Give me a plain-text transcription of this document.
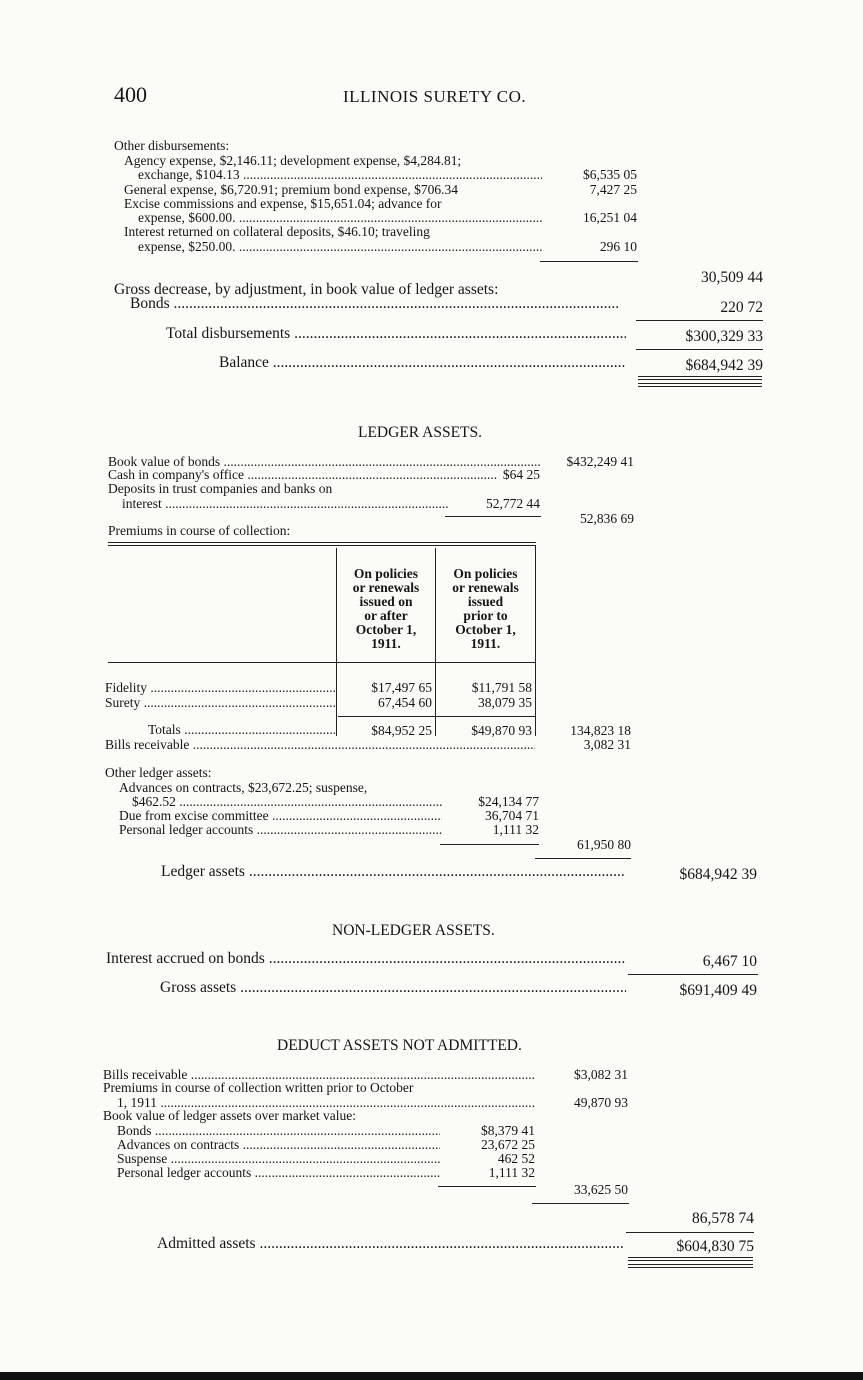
400	ILLINOIS SURETY CO.
Other disbursements:
Agency expense, $2,146.11; development expense, $4,284.81;
exchange, $104.13 .....	$6,535 05
General expense, $6,720.91; premium bond expense, $706.34	7,427 25
Excise commissions and expense, $15,651.04; advance for
expense, $600.00. .....	16,251 04
Interest returned on collateral deposits, $46.10; traveling
expense, $250.00. .....	296 10
30,509 44
Gross decrease, by adjustment, in book value of ledger assets:
Bonds .....	220 72
Total disbursements .....	$300,329 33
Balance .....	$684,942 39
LEDGER ASSETS.
Book value of bonds .....	$432,249 41
Cash in company's office .....	$64 25
Deposits in trust companies and banks on
interest .....	52,772 44
52,836 69
Premiums in course of collection:
On policies
or renewals
issued on
or after
October 1,
1911.
On policies
or renewals
issued
prior to
October 1,
1911.
Fidelity .....	$17,497 65	$11,791 58
Surety .....	67,454 60	38,079 35
Totals .....	$84,952 25	$49,870 93	134,823 18
Bills receivable .....	3,082 31
Other ledger assets:
Advances on contracts, $23,672.25; suspense,
$462.52 .....	$24,134 77
Due from excise committee .....	36,704 71
Personal ledger accounts .....	1,111 32
61,950 80
Ledger assets .....	$684,942 39
NON-LEDGER ASSETS.
Interest accrued on bonds .....	6,467 10
Gross assets .....	$691,409 49
DEDUCT ASSETS NOT ADMITTED.
Bills receivable .....	$3,082 31
Premiums in course of collection written prior to October
1, 1911 .....	49,870 93
Book value of ledger assets over market value:
Bonds .....	$8,379 41
Advances on contracts .....	23,672 25
Suspense .....	462 52
Personal ledger accounts .....	1,111 32
33,625 50
86,578 74
Admitted assets .....	$604,830 75
